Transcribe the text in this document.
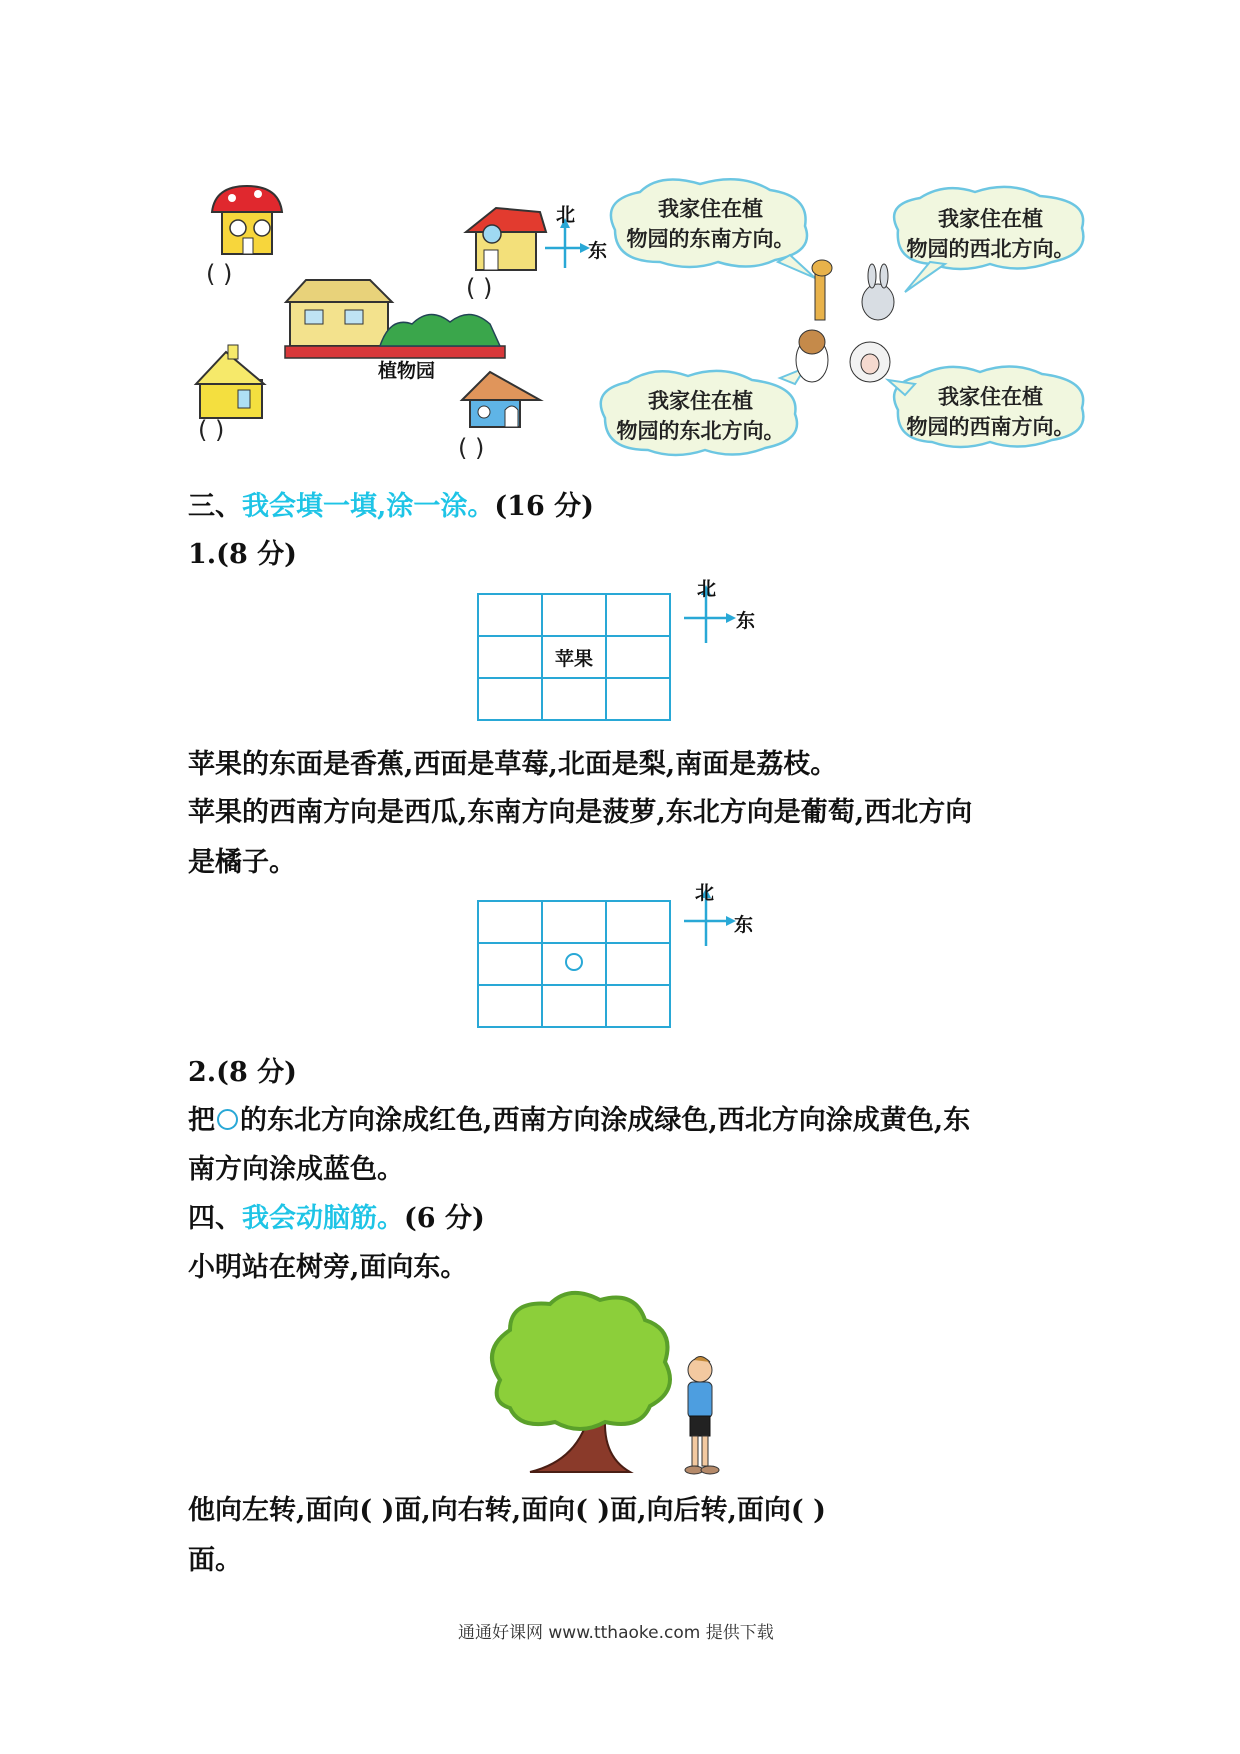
北
东
植物园
( )	( )
( )
( )
我家住在植
物园的东南方向。
我家住在植
物园的西北方向。
我家住在植
物园的东北方向。
我家住在植
物园的西南方向。
三、我会填一填,涂一涂。(16 分)
1.(8 分)

	苹果	

北
东
苹果的东面是香蕉,西面是草莓,北面是梨,南面是荔枝。
苹果的西南方向是西瓜,东南方向是菠萝,东北方向是葡萄,西北方向
是橘子。

北
东
2.(8 分)
把 的东北方向涂成红色,西南方向涂成绿色,西北方向涂成黄色,东
南方向涂成蓝色。
四、我会动脑筋。(6 分)
小明站在树旁,面向东。
他向左转,面向( )面,向右转,面向( )面,向后转,面向( )
面。
通通好课网 www.tthaoke.com 提供下载
